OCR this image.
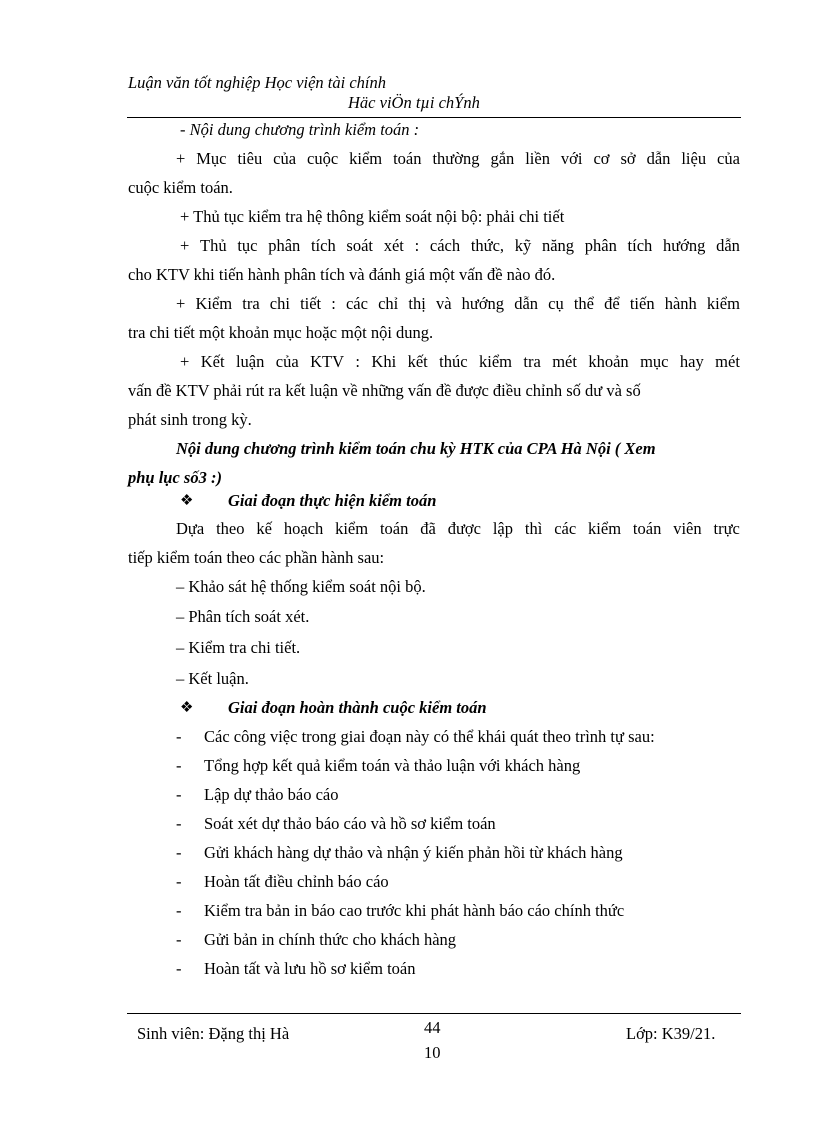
Luận văn tốt nghiệp Học viện tài chính
Häc viÖn tµi chÝnh
- Nội dung chương trình kiểm toán :
+ Mục tiêu của cuộc kiểm toán thường gắn liền với cơ sở dẫn liệu của
cuộc kiểm toán.
+ Thủ tục kiểm tra hệ thông kiểm soát nội bộ: phải chi tiết
+ Thủ tục phân tích soát xét : cách thức, kỹ năng phân tích hướng dẫn
cho KTV khi tiến hành phân tích và đánh giá một vấn đề nào đó.
+ Kiểm tra chi tiết : các chỉ thị và hướng dẫn cụ thể để tiến hành kiểm
tra chi tiết một khoản mục hoặc một nội dung.
+ Kết luận của KTV : Khi kết thúc kiểm tra mét khoản mục hay mét
vấn đề KTV phải rút ra kết luận về những vấn đề được điều chỉnh số dư và số
phát sinh trong kỳ.
Nội dung chương trình kiểm toán chu kỳ HTK của CPA Hà Nội ( Xem
phụ lục số3 :)
❖ Giai đoạn thực hiện kiểm toán
Dựa theo kế hoạch kiểm toán đã được lập thì các kiểm toán viên trực
tiếp kiểm toán theo các phần hành sau:
– Khảo sát hệ thống kiểm soát nội bộ.
– Phân tích soát xét.
– Kiểm tra chi tiết.
– Kết luận.
❖ Giai đoạn hoàn thành cuộc kiểm toán
- Các công việc trong giai đoạn này có thể khái quát theo trình tự sau:
- Tổng hợp kết quả kiểm toán và thảo luận với khách hàng
- Lập dự thảo báo cáo
- Soát xét dự thảo báo cáo và hồ sơ kiểm toán
- Gửi khách hàng dự thảo và nhận ý kiến phản hồi từ khách hàng
- Hoàn tất điều chỉnh báo cáo
- Kiểm tra bản in báo cao trước khi phát hành báo cáo chính thức
- Gửi bản in chính thức cho khách hàng
- Hoàn tất và lưu hồ sơ kiểm toán
Sinh viên: Đặng thị Hà	44
10
Lớp: K39/21.
